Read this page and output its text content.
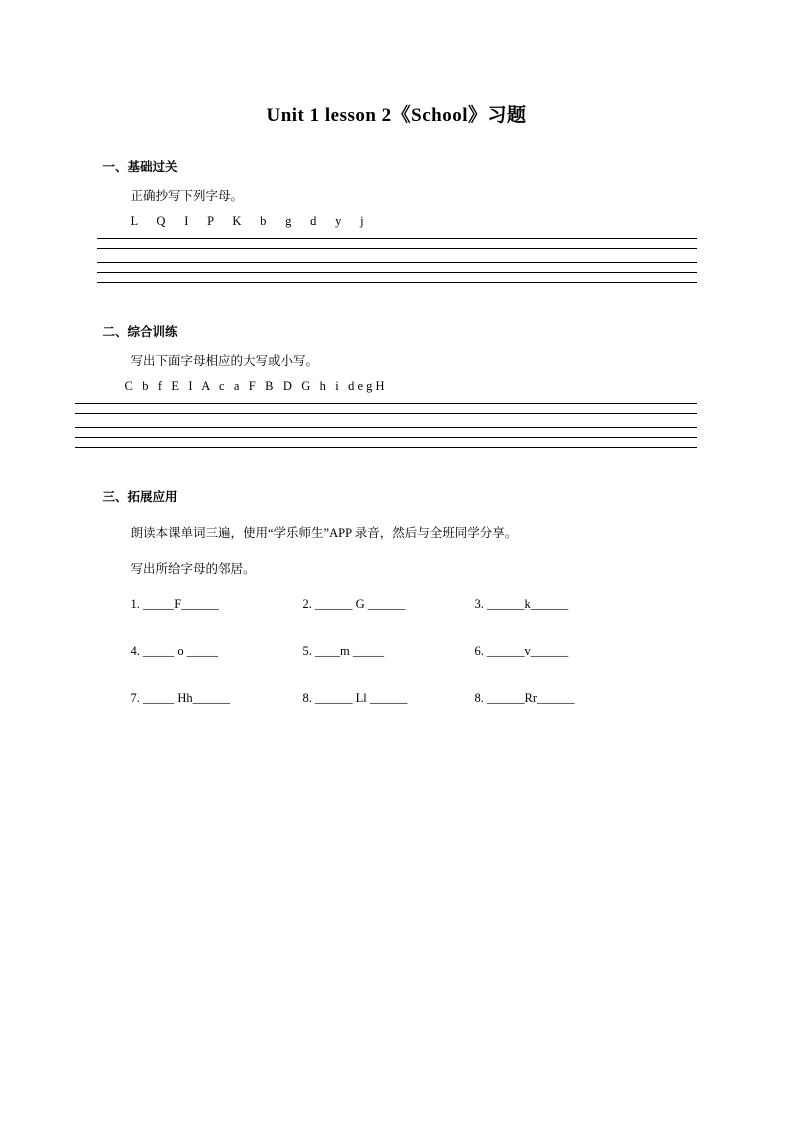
Unit 1 lesson 2《School》习题
一、基础过关
正确抄写下列字母。
L      Q      I      P      K      b      g      d      y      j
二、综合训练
写出下面字母相应的大写或小写。
C   b   f   E   I   A   c   a   F   B   D   G   h   i   d e g H
三、拓展应用
朗读本课单词三遍，使用“学乐师生”APP 录音，然后与全班同学分享。
写出所给字母的邻居。
1. _____F______	2. ______ G ______	3. ______k______
4. _____ o _____	5. ____m _____	6. ______v______
7. _____ Hh______	8. ______ Ll ______	8. ______Rr______
